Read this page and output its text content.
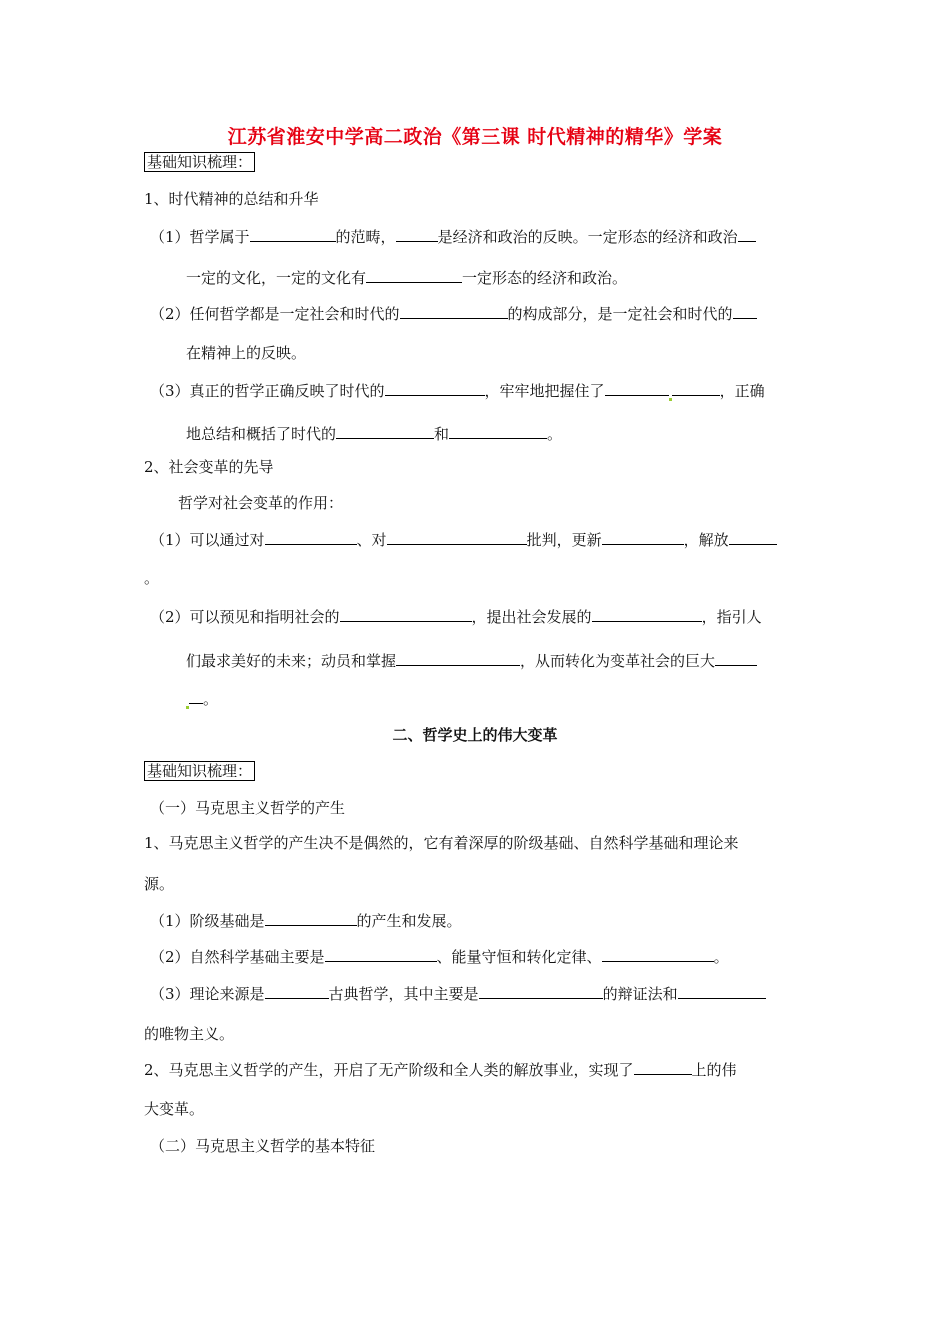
江苏省淮安中学高二政治《第三课 时代精神的精华》学案
基础知识梳理：
1、时代精神的总结和升华
（1）哲学属于	的范畴，	是经济和政治的反映。一定形态的经济和政治
一定的文化，一定的文化有	一定形态的经济和政治。
（2）任何哲学都是一定社会和时代的	的构成部分，是一定社会和时代的
在精神上的反映。
（3）真正的哲学正确反映了时代的	，牢牢地把握住了	，正确
地总结和概括了时代的	和	。
2、社会变革的先导
哲学对社会变革的作用：
（1）可以通过对	、对	批判，更新	，解放
。
（2）可以预见和指明社会的	，提出社会发展的	，指引人
们最求美好的未来；动员和掌握	，从而转化为变革社会的巨大
。
二、哲学史上的伟大变革
基础知识梳理：
（一）马克思主义哲学的产生
1、马克思主义哲学的产生决不是偶然的，它有着深厚的阶级基础、自然科学基础和理论来
源。
（1）阶级基础是	的产生和发展。
（2）自然科学基础主要是	、能量守恒和转化定律、	。
（3）理论来源是	古典哲学，其中主要是	的辩证法和
的唯物主义。
2、马克思主义哲学的产生，开启了无产阶级和全人类的解放事业，实现了	上的伟
大变革。
（二）马克思主义哲学的基本特征
